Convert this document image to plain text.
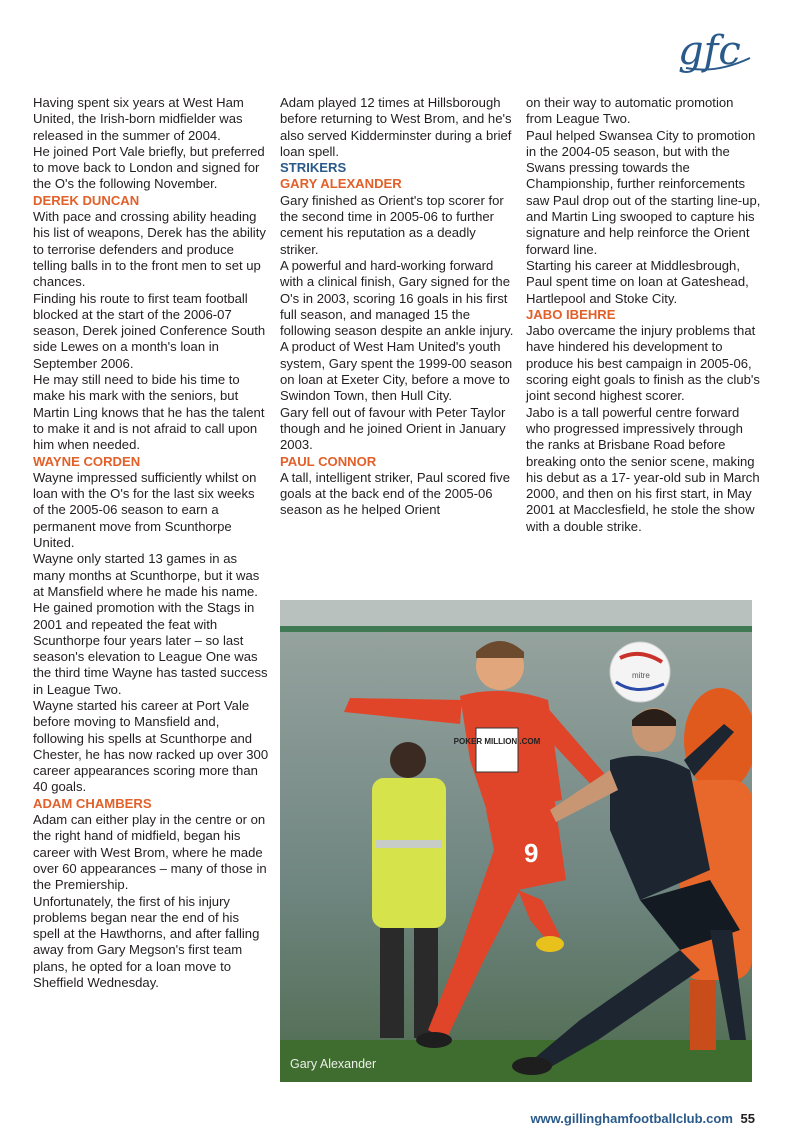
gfc

Having spent six years at West Ham United, the Irish-born midfielder was released in the summer of 2004.

He joined Port Vale briefly, but preferred to move back to London and signed for the O's the following November.

DEREK DUNCAN

With pace and crossing ability heading his list of weapons, Derek has the ability to terrorise defenders and produce telling balls in to the front men to set up chances.

Finding his route to first team football blocked at the start of the 2006-07 season, Derek joined Conference South side Lewes on a month's loan in September 2006.

He may still need to bide his time to make his mark with the seniors, but Martin Ling knows that he has the talent to make it and is not afraid to call upon him when needed.

WAYNE CORDEN

Wayne impressed sufficiently whilst on loan with the O's for the last six weeks of the 2005-06 season to earn a permanent move from Scunthorpe United.

Wayne only started 13 games in as many months at Scunthorpe, but it was at Mansfield where he made his name.

He gained promotion with the Stags in 2001 and repeated the feat with Scunthorpe four years later – so last season's elevation to League One was the third time Wayne has tasted success in League Two.

Wayne started his career at Port Vale before moving to Mansfield and, following his spells at Scunthorpe and Chester, he has now racked up over 300 career appearances scoring more than 40 goals.

ADAM CHAMBERS

Adam can either play in the centre or on the right hand of midfield, began his career with West Brom, where he made over 60 appearances – many of those in the Premiership.

Unfortunately, the first of his injury problems began near the end of his spell at the Hawthorns, and after falling away from Gary Megson's first team plans, he opted for a loan move to Sheffield Wednesday.

Adam played 12 times at Hillsborough before returning to West Brom, and he's also served Kidderminster during a brief loan spell.

STRIKERS

GARY ALEXANDER

Gary finished as Orient's top scorer for the second time in 2005-06 to further cement his reputation as a deadly striker.

A powerful and hard-working forward with a clinical finish, Gary signed for the O's in 2003, scoring 16 goals in his first full season, and managed 15 the following season despite an ankle injury.

A product of West Ham United's youth system, Gary spent the 1999-00 season on loan at Exeter City, before a move to Swindon Town, then Hull City.

Gary fell out of favour with Peter Taylor though and he joined Orient in January 2003.

PAUL CONNOR

A tall, intelligent striker, Paul scored five goals at the back end of the 2005-06 season as he helped Orient

on their way to automatic promotion from League Two.

Paul helped Swansea City to promotion in the 2004-05 season, but with the Swans pressing towards the Championship, further reinforcements saw Paul drop out of the starting line-up, and Martin Ling swooped to capture his signature and help reinforce the Orient forward line.

Starting his career at Middlesbrough, Paul spent time on loan at Gateshead, Hartlepool and Stoke City.

JABO IBEHRE

Jabo overcame the injury problems that have hindered his development to produce his best campaign in 2005-06, scoring eight goals to finish as the club's joint second highest scorer.

Jabo is a tall powerful centre forward who progressed impressively through the ranks at Brisbane Road before breaking onto the senior scene, making his debut as a 17- year-old sub in March 2000, and then on his first start, in May 2001 at Macclesfield, he stole the show with a double strike.

POKER MILLION .COM
9
mitre
Gary Alexander
www.gillinghamfootballclub.com 55
